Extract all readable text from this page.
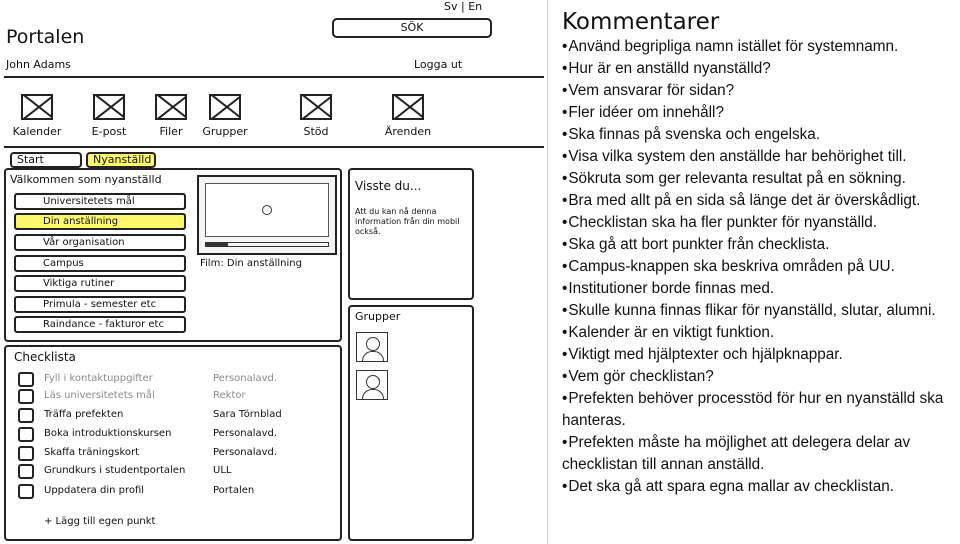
Sv | En
SÖK
Portalen
John Adams	Logga ut
Kalender	E-post	Filer	Grupper	Stöd	Ärenden
Start	Nyanställd
Välkommen som nyanställd
Universitetets mål
Din anställning
Vår organisation
Campus
Viktiga rutiner
Primula - semester etc
Raindance - fakturor etc
Film: Din anställning
Visste du...
Att du kan nå denna information från din mobil också.
Grupper
Checklista
Fyll i kontaktuppgifter	Personalavd.
Läs universitetets mål	Rektor
Träffa prefekten	Sara Törnblad
Boka introduktionskursen	Personalavd.
Skaffa träningskort	Personalavd.
Grundkurs i studentportalen	ULL
Uppdatera din profil	Portalen
+ Lägg till egen punkt
Kommentarer
• Använd begripliga namn istället för systemnamn.
• Hur är en anställd nyanställd?
• Vem ansvarar för sidan?
• Fler idéer om innehåll?
• Ska finnas på svenska och engelska.
• Visa vilka system den anställde har behörighet till.
• Sökruta som ger relevanta resultat på en sökning.
• Bra med allt på en sida så länge det är överskådligt.
• Checklistan ska ha fler punkter för nyanställd.
• Ska gå att bort punkter från checklista.
• Campus-knappen ska beskriva områden på UU.
• Institutioner borde finnas med.
• Skulle kunna finnas flikar för nyanställd, slutar, alumni.
• Kalender är en viktigt funktion.
• Viktigt med hjälptexter och hjälpknappar.
• Vem gör checklistan?
• Prefekten behöver processtöd för hur en nyanställd ska hanteras.
• Prefekten måste ha möjlighet att delegera delar av checklistan till annan anställd.
• Det ska gå att spara egna mallar av checklistan.
